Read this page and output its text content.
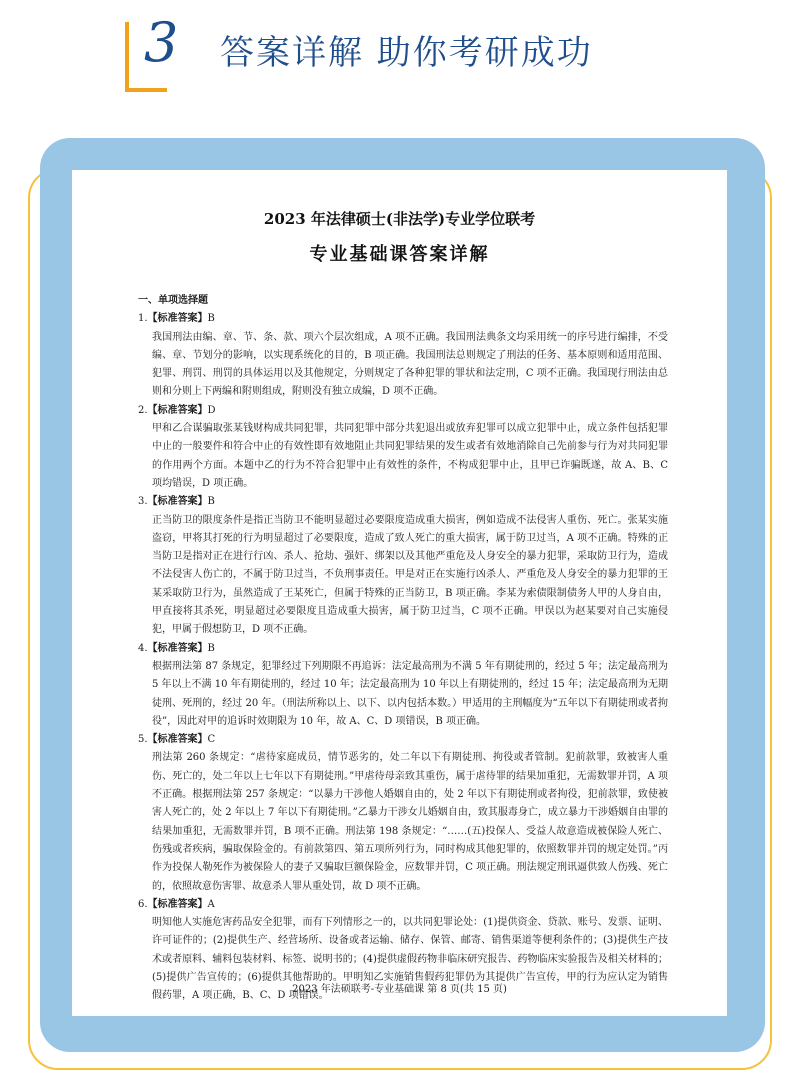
3 答案详解 助你考研成功
2023 年法律硕士(非法学)专业学位联考
专业基础课答案详解

一、单项选择题

1.【标准答案】B

我国刑法由编、章、节、条、款、项六个层次组成，A 项不正确。我国刑法典条文均采用统一的序号进行编排，不受编、章、节划分的影响，以实现系统化的目的，B 项正确。我国刑法总则规定了刑法的任务、基本原则和适用范围、犯罪、刑罚、刑罚的具体运用以及其他规定，分则规定了各种犯罪的罪状和法定刑，C 项不正确。我国现行刑法由总则和分则上下两编和附则组成，附则没有独立成编，D 项不正确。

2.【标准答案】D

甲和乙合谋骗取张某钱财构成共同犯罪，共同犯罪中部分共犯退出或放弃犯罪可以成立犯罪中止，成立条件包括犯罪中止的一般要件和符合中止的有效性即有效地阻止共同犯罪结果的发生或者有效地消除自己先前参与行为对共同犯罪的作用两个方面。本题中乙的行为不符合犯罪中止有效性的条件，不构成犯罪中止，且甲已诈骗既遂，故 A、B、C 项均错误，D 项正确。

3.【标准答案】B

正当防卫的限度条件是指正当防卫不能明显超过必要限度造成重大损害，例如造成不法侵害人重伤、死亡。张某实施盗窃，甲将其打死的行为明显超过了必要限度，造成了致人死亡的重大损害，属于防卫过当，A 项不正确。特殊的正当防卫是指对正在进行行凶、杀人、抢劫、强奸、绑架以及其他严重危及人身安全的暴力犯罪，采取防卫行为，造成不法侵害人伤亡的，不属于防卫过当，不负刑事责任。甲是对正在实施行凶杀人、严重危及人身安全的暴力犯罪的王某采取防卫行为，虽然造成了王某死亡，但属于特殊的正当防卫，B 项正确。李某为索债限制债务人甲的人身自由，甲直接将其杀死，明显超过必要限度且造成重大损害，属于防卫过当，C 项不正确。甲误以为赵某要对自己实施侵犯，甲属于假想防卫，D 项不正确。

4.【标准答案】B

根据刑法第 87 条规定，犯罪经过下列期限不再追诉：法定最高刑为不满 5 年有期徒刑的，经过 5 年；法定最高刑为 5 年以上不满 10 年有期徒刑的，经过 10 年；法定最高刑为 10 年以上有期徒刑的，经过 15 年；法定最高刑为无期徒刑、死刑的，经过 20 年。（刑法所称以上、以下、以内包括本数。）甲适用的主刑幅度为“五年以下有期徒刑或者拘役”，因此对甲的追诉时效期限为 10 年，故 A、C、D 项错误，B 项正确。

5.【标准答案】C

刑法第 260 条规定：“虐待家庭成员，情节恶劣的，处二年以下有期徒刑、拘役或者管制。犯前款罪，致被害人重伤、死亡的，处二年以上七年以下有期徒刑。”甲虐待母亲致其重伤，属于虐待罪的结果加重犯，无需数罪并罚，A 项不正确。根据刑法第 257 条规定：“以暴力干涉他人婚姻自由的，处 2 年以下有期徒刑或者拘役，犯前款罪，致使被害人死亡的，处 2 年以上 7 年以下有期徒刑。”乙暴力干涉女儿婚姻自由，致其服毒身亡，成立暴力干涉婚姻自由罪的结果加重犯，无需数罪并罚，B 项不正确。刑法第 198 条规定：“……(五)投保人、受益人故意造成被保险人死亡、伤残或者疾病，骗取保险金的。有前款第四、第五项所列行为，同时构成其他犯罪的，依照数罪并罚的规定处罚。”丙作为投保人勒死作为被保险人的妻子又骗取巨额保险金，应数罪并罚，C 项正确。刑法规定刑讯逼供致人伤残、死亡的，依照故意伤害罪、故意杀人罪从重处罚，故 D 项不正确。

6.【标准答案】A

明知他人实施危害药品安全犯罪，而有下列情形之一的，以共同犯罪论处：(1)提供资金、贷款、账号、发票、证明、许可证件的；(2)提供生产、经营场所、设备或者运输、储存、保管、邮寄、销售渠道等便利条件的；(3)提供生产技术或者原料、辅料包装材料、标签、说明书的；(4)提供虚假药物非临床研究报告、药物临床实验报告及相关材料的；(5)提供广告宣传的；(6)提供其他帮助的。甲明知乙实施销售假药犯罪仍为其提供广告宣传，甲的行为应认定为销售假药罪，A 项正确，B、C、D 项错误。

2023 年法硕联考-专业基础课 第 8 页(共 15 页)
